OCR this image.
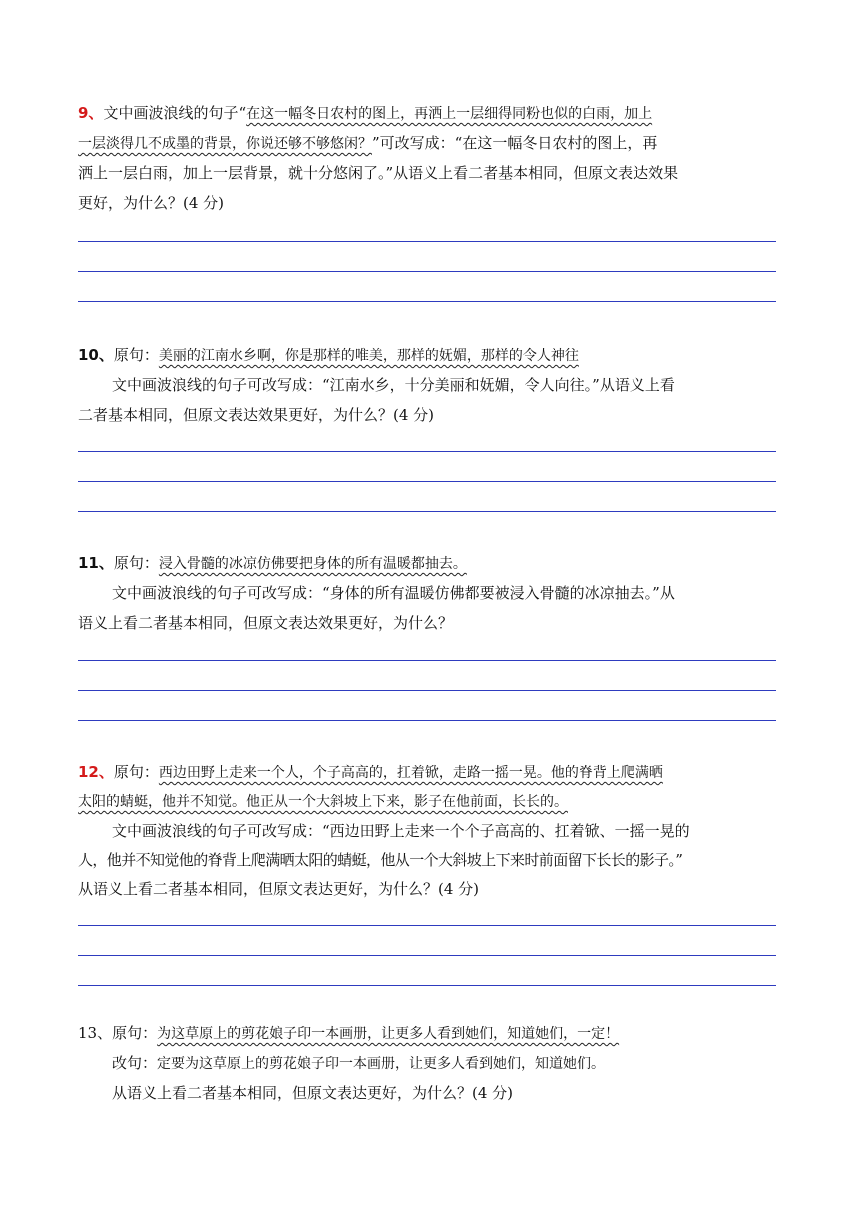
9、文中画波浪线的句子“在这一幅冬日农村的图上，再洒上一层细得同粉也似的白雨，加上
一层淡得几不成墨的背景，你说还够不够悠闲？”可改写成：“在这一幅冬日农村的图上，再
洒上一层白雨，加上一层背景，就十分悠闲了。”从语义上看二者基本相同，但原文表达效果
更好，为什么？(4 分)
10、原句：美丽的江南水乡啊，你是那样的唯美，那样的妩媚，那样的令人神往
文中画波浪线的句子可改写成：“江南水乡，十分美丽和妩媚，令人向往。”从语义上看
二者基本相同，但原文表达效果更好，为什么？(4 分)
11、原句：浸入骨髓的冰凉仿佛要把身体的所有温暖都抽去。
文中画波浪线的句子可改写成：“身体的所有温暖仿佛都要被浸入骨髓的冰凉抽去。”从
语义上看二者基本相同，但原文表达效果更好，为什么？
12、原句：西边田野上走来一个人，个子高高的，扛着锨，走路一摇一晃。他的脊背上爬满晒
太阳的蜻蜓，他并不知觉。他正从一个大斜坡上下来，影子在他前面，长长的。
文中画波浪线的句子可改写成：“西边田野上走来一个个子高高的、扛着锨、一摇一晃的
人，他并不知觉他的脊背上爬满晒太阳的蜻蜓，他从一个大斜坡上下来时前面留下长长的影子。”
从语义上看二者基本相同，但原文表达更好，为什么？(4 分)
13、原句：为这草原上的剪花娘子印一本画册，让更多人看到她们，知道她们，一定！
改句：定要为这草原上的剪花娘子印一本画册，让更多人看到她们，知道她们。
从语义上看二者基本相同，但原文表达更好，为什么？(4 分)
